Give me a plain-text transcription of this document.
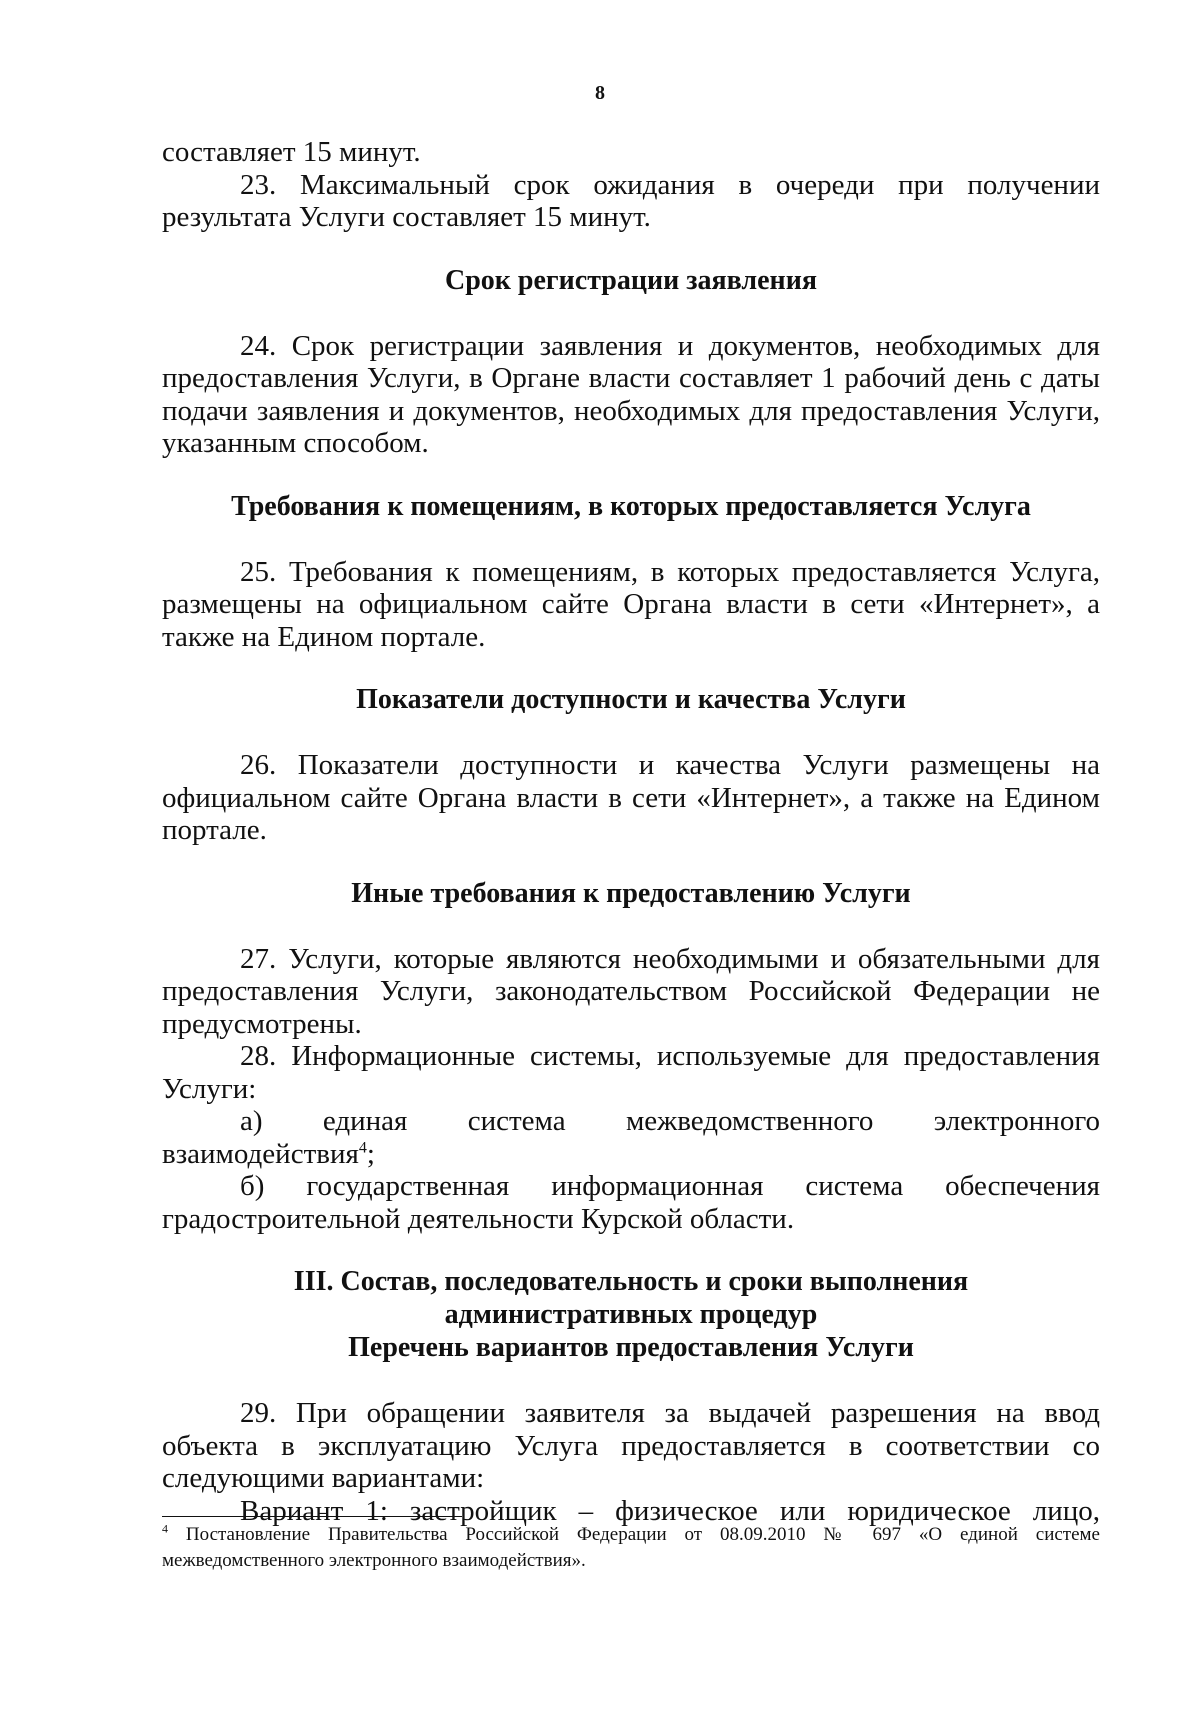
8

составляет 15 минут.

23. Максимальный срок ожидания в очереди при получении результата Услуги составляет 15 минут.

Срок регистрации заявления

24. Срок регистрации заявления и документов, необходимых для предоставления Услуги, в Органе власти составляет 1 рабочий день с даты подачи заявления и документов, необходимых для предоставления Услуги, указанным способом.

Требования к помещениям, в которых предоставляется Услуга

25. Требования к помещениям, в которых предоставляется Услуга, размещены на официальном сайте Органа власти в сети «Интернет», а также на Едином портале.

Показатели доступности и качества Услуги

26. Показатели доступности и качества Услуги размещены на официальном сайте Органа власти в сети «Интернет», а также на Едином портале.

Иные требования к предоставлению Услуги

27. Услуги, которые являются необходимыми и обязательными для предоставления Услуги, законодательством Российской Федерации не предусмотрены.

28. Информационные системы, используемые для предоставления Услуги:

а) единая система межведомственного электронного взаимодействия$^4$;

б) государственная информационная система обеспечения градостроительной деятельности Курской области.

III. Состав, последовательность и сроки выполнения
административных процедур
Перечень вариантов предоставления Услуги

29. При обращении заявителя за выдачей разрешения на ввод объекта в эксплуатацию Услуга предоставляется в соответствии со следующими вариантами:

Вариант 1: застройщик – физическое или юридическое лицо,

$^4$ Постановление Правительства Российской Федерации от 08.09.2010 № 697 «О единой системе межведомственного электронного взаимодействия».
